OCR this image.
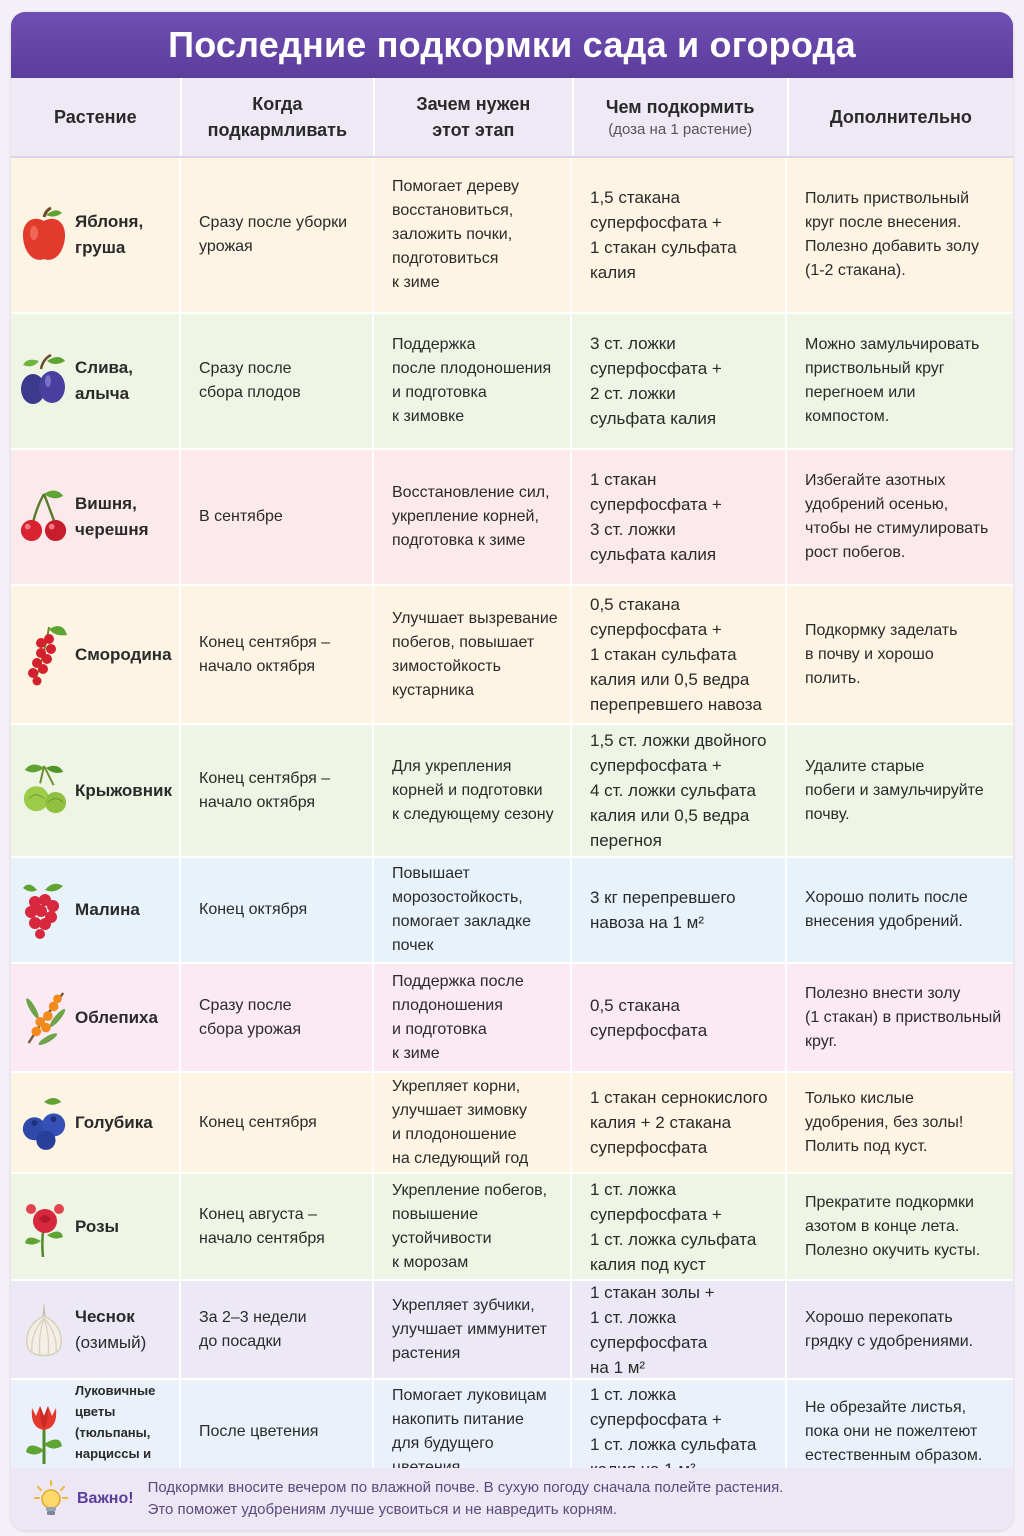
Последние подкормки сада и огорода
Растение
Когда
подкармливать
Зачем нужен
этот этап
Чем подкормить
(доза на 1 растение)
Дополнительно
Яблоня,
груша
Сразу после уборки
урожая
Помогает дереву
восстановиться,
заложить почки,
подготовиться
к зиме
1,5 стакана
суперфосфата +
1 стакан сульфата
калия
Полить приствольный
круг после внесения.
Полезно добавить золу
(1-2 стакана).
Слива,
алыча
Сразу после
сбора плодов
Поддержка
после плодоношения
и подготовка
к зимовке
3 ст. ложки
суперфосфата +
2 ст. ложки
сульфата калия
Можно замульчировать
приствольный круг
перегноем или компостом.
Вишня,
черешня
В сентябре
Восстановление сил,
укрепление корней,
подготовка к зиме
1 стакан
суперфосфата +
3 ст. ложки
сульфата калия
Избегайте азотных
удобрений осенью,
чтобы не стимулировать
рост побегов.
Смородина
Конец сентября –
начало октября
Улучшает вызревание
побегов, повышает
зимостойкость
кустарника
0,5 стакана
суперфосфата +
1 стакан сульфата
калия или 0,5 ведра
перепревшего навоза
Подкормку заделать
в почву и хорошо
полить.
Крыжовник
Конец сентября –
начало октября
Для укрепления
корней и подготовки
к следующему сезону
1,5 ст. ложки двойного
суперфосфата +
4 ст. ложки сульфата
калия или 0,5 ведра
перегноя
Удалите старые
побеги и замульчируйте
почву.
Малина	Конец октября
Повышает
морозостойкость,
помогает закладке
почек
3 кг перепревшего
навоза на 1 м²
Хорошо полить после
внесения удобрений.
Облепиха
Сразу после
сбора урожая
Поддержка после
плодоношения
и подготовка
к зиме
0,5 стакана
суперфосфата
Полезно внести золу
(1 стакан) в приствольный
круг.
Голубика	Конец сентября
Укрепляет корни,
улучшает зимовку
и плодоношение
на следующий год
1 стакан сернокислого
калия + 2 стакана
суперфосфата
Только кислые
удобрения, без золы!
Полить под куст.
Розы
Конец августа –
начало сентября
Укрепление побегов,
повышение
устойчивости
к морозам
1 ст. ложка
суперфосфата +
1 ст. ложка сульфата
калия под куст
Прекратите подкормки
азотом в конце лета.
Полезно окучить кусты.
Чеснок
(озимый)
За 2–3 недели
до посадки
Укрепляет зубчики,
улучшает иммунитет
растения
1 стакан золы +
1 ст. ложка
суперфосфата
на 1 м²
Хорошо перекопать
грядку с удобрениями.
Луковичные
цветы (тюльпаны,
нарциссы и
После цветения
Помогает луковицам
накопить питание
для будущего
1 ст. ложка
суперфосфата +
1 ст. ложка сульфата

Не обрезайте листья,
пока они не пожелтеют
естественным образом.
Важно!
Подкормки вносите вечером по влажной почве. В сухую погоду сначала полейте растения.
Это поможет удобрениям лучше усвоиться и не навредить корням.
